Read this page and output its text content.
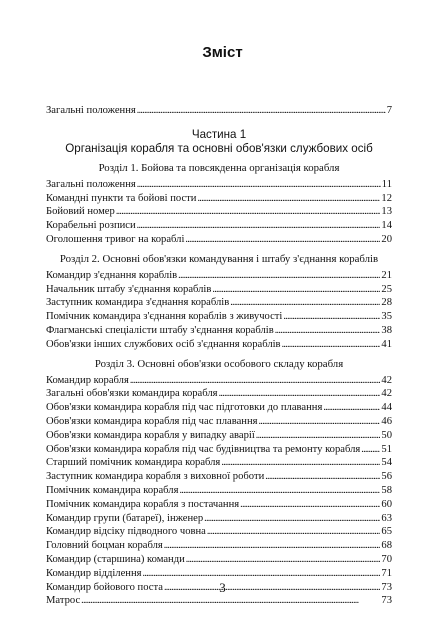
Зміст
Загальні положення . . .	7
Частина 1
Організація корабля та основні обов'язки службових осіб
Розділ 1. Бойова та повсякденна організація корабля
Загальні положення . . .	11
Командні пункти та бойові пости . . .	12
Бойовий номер . . .	13
Корабельні розписи . . .	14
Оголошення тривог на кораблі . . .	20
Розділ 2. Основні обов'язки командування і штабу з'єднання кораблів
Командир з'єднання кораблів . . .	21
Начальник штабу з'єднання кораблів . . .	25
Заступник командира з'єднання кораблів . . .	28
Помічник командира з'єднання кораблів з живучості . . .	35
Флагманські спеціалісти штабу з'єднання кораблів . . .	38
Обов'язки інших службових осіб з'єднання кораблів . . .	41
Розділ 3. Основні обов'язки особового складу корабля
Командир корабля . . .	42
Загальні обов'язки командира корабля . . .	42
Обов'язки командира корабля під час підготовки до плавання . . .	44
Обов'язки командира корабля під час плавання . . .	46
Обов'язки командира корабля у випадку аварії . . .	50
Обов'язки командира корабля під час будівництва та ремонту корабля . . . 51
Старший помічник командира корабля . . .	54
Заступник командира корабля з виховної роботи . . .	56
Помічник командира корабля . . .	58
Помічник командира корабля з постачання . . .	60
Командир групи (батареї), інженер . . .	63
Командир відсіку підводного човна . . .	65
Головний боцман корабля . . .	68
Командир (старшина) команди . . .	70
Командир відділення . . .	71
Командир бойового поста . . .	73
Матрос . . .	73
3
